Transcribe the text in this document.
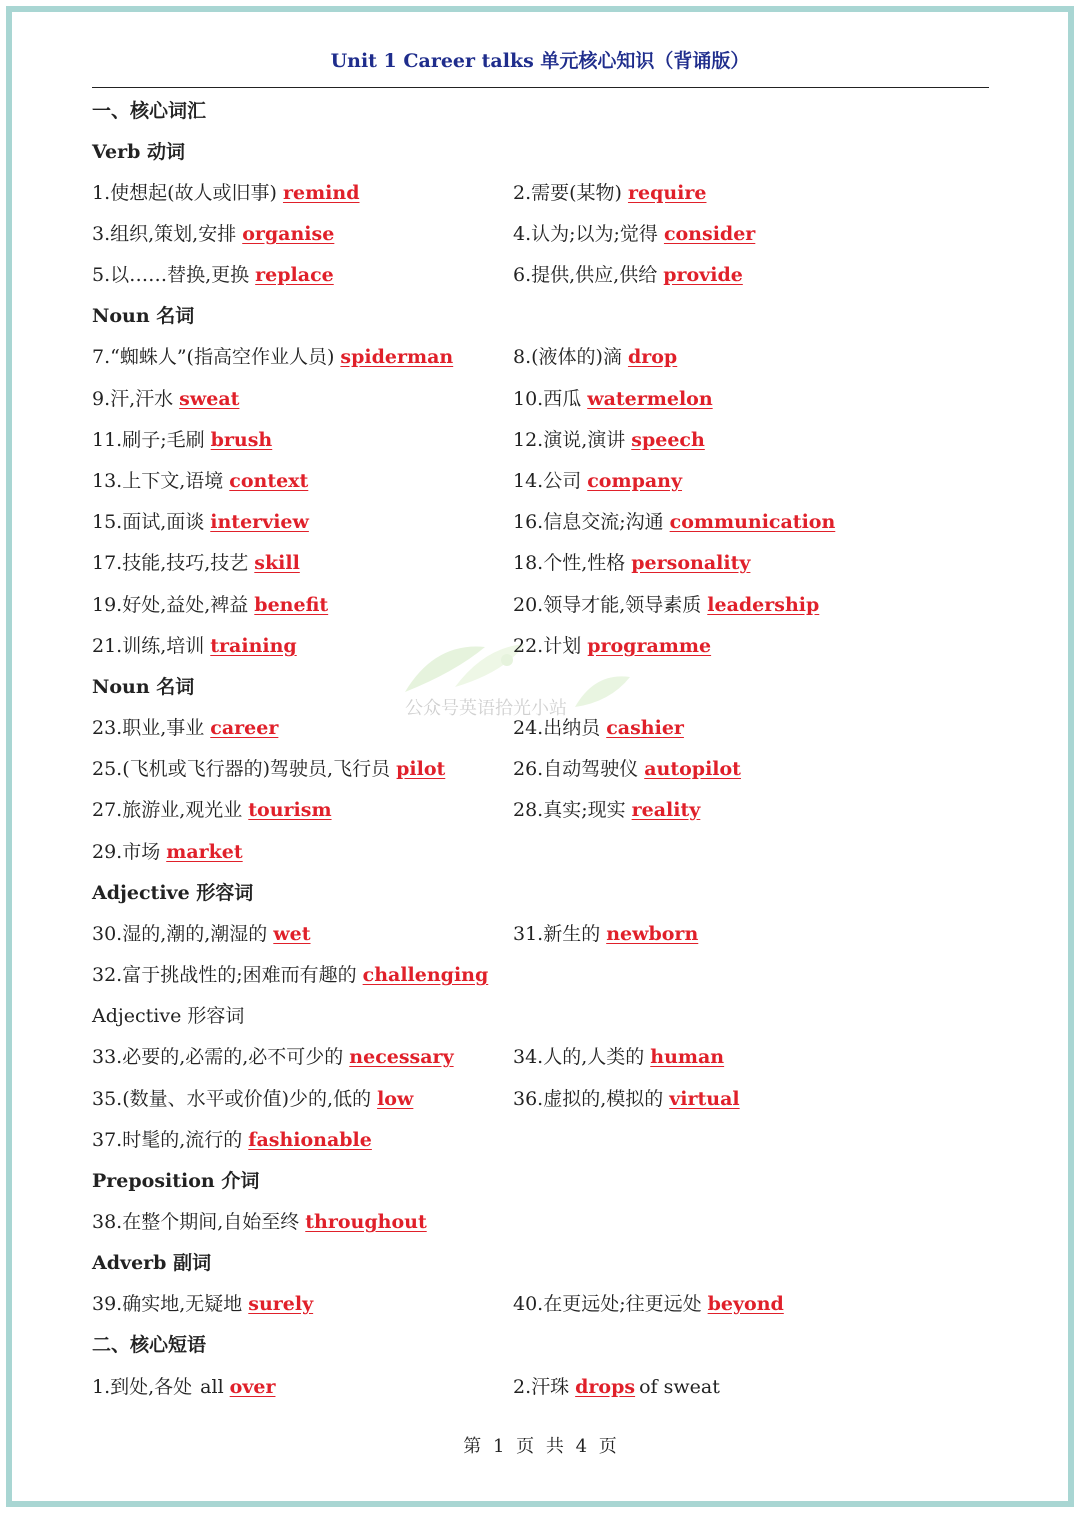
Unit 1 Career talks 单元核心知识（背诵版）
公众号英语拾光小站
一、核心词汇
Verb 动词
1.使想起(故人或旧事) remind	2.需要(某物) require
3.组织,策划,安排 organise	4.认为;以为;觉得 consider
5.以……替换,更换 replace	6.提供,供应,供给 provide
Noun 名词
7.“蜘蛛人”(指高空作业人员) spiderman	8.(液体的)滴 drop
9.汗,汗水 sweat	10.西瓜 watermelon
11.刷子;毛刷 brush	12.演说,演讲 speech
13.上下文,语境 context	14.公司 company
15.面试,面谈 interview	16.信息交流;沟通 communication
17.技能,技巧,技艺 skill	18.个性,性格 personality
19.好处,益处,裨益 benefit	20.领导才能,领导素质 leadership
21.训练,培训 training	22.计划 programme
Noun 名词
23.职业,事业 career	24.出纳员 cashier
25.(飞机或飞行器的)驾驶员,飞行员 pilot	26.自动驾驶仪 autopilot
27.旅游业,观光业 tourism	28.真实;现实 reality
29.市场 market
Adjective 形容词
30.湿的,潮的,潮湿的 wet	31.新生的 newborn
32.富于挑战性的;困难而有趣的 challenging
Adjective 形容词
33.必要的,必需的,必不可少的 necessary	34.人的,人类的 human
35.(数量、水平或价值)少的,低的 low	36.虚拟的,模拟的 virtual
37.时髦的,流行的 fashionable
Preposition 介词
38.在整个期间,自始至终 throughout
Adverb 副词
39.确实地,无疑地 surely	40.在更远处;往更远处 beyond
二、核心短语
1.到处,各处 all over	2.汗珠 drops of sweat
第 1 页 共 4 页
